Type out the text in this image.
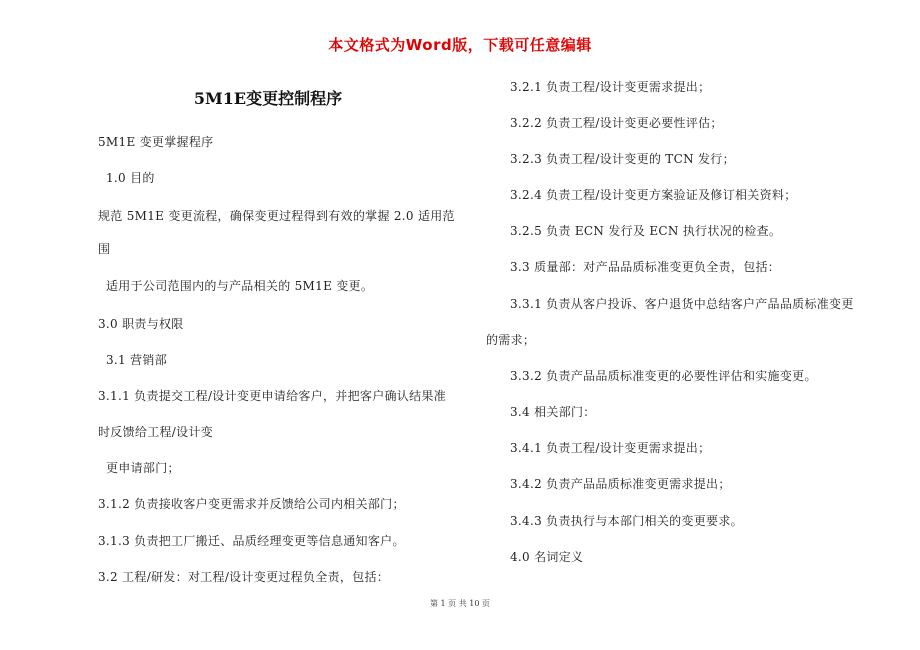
本文格式为Word版，下载可任意编辑
5M1E变更控制程序
5M1E 变更掌握程序
1.0 目的
规范 5M1E 变更流程，确保变更过程得到有效的掌握 2.0 适用范
围
适用于公司范围内的与产品相关的 5M1E 变更。
3.0 职责与权限
3.1 营销部
3.1.1 负责提交工程/设计变更申请给客户，并把客户确认结果准
时反馈给工程/设计变
更申请部门；
3.1.2 负责接收客户变更需求并反馈给公司内相关部门；
3.1.3 负责把工厂搬迁、品质经理变更等信息通知客户。
3.2 工程/研发：对工程/设计变更过程负全责，包括：
3.2.1 负责工程/设计变更需求提出；
3.2.2 负责工程/设计变更必要性评估；
3.2.3 负责工程/设计变更的 TCN 发行；
3.2.4 负责工程/设计变更方案验证及修订相关资料；
3.2.5 负责 ECN 发行及 ECN 执行状况的检查。
3.3 质量部：对产品品质标准变更负全责，包括：
3.3.1 负责从客户投诉、客户退货中总结客户产品品质标准变更
的需求；
3.3.2 负责产品品质标准变更的必要性评估和实施变更。
3.4 相关部门：
3.4.1 负责工程/设计变更需求提出；
3.4.2 负责产品品质标准变更需求提出；
3.4.3 负责执行与本部门相关的变更要求。
4.0 名词定义
第 1 页 共 10 页
